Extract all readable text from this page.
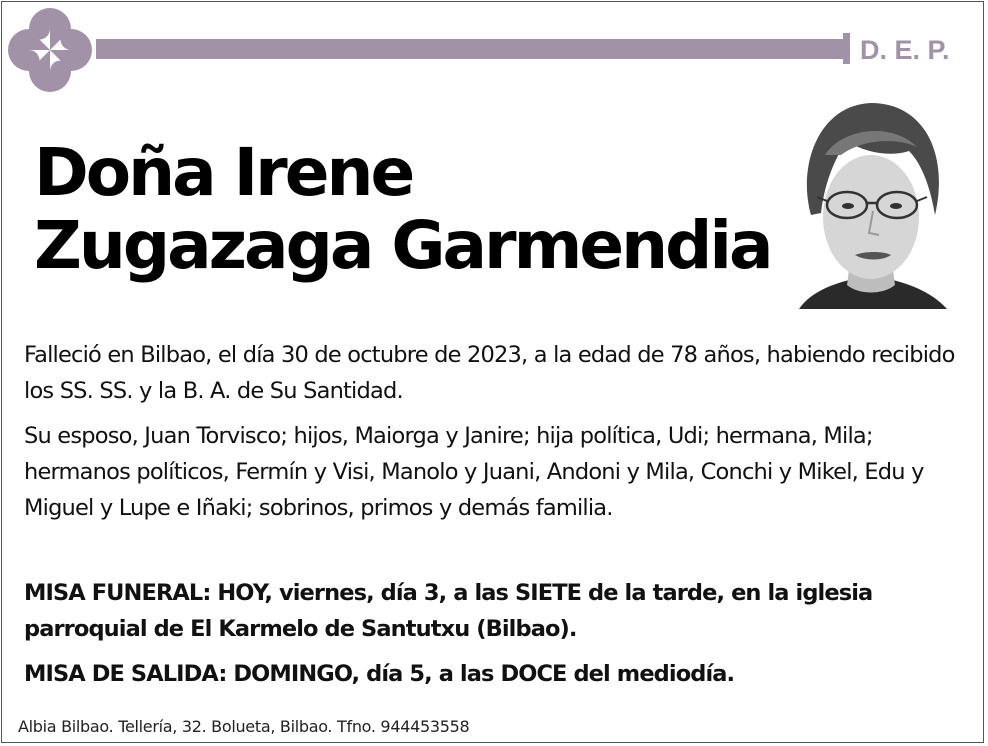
D. E. P.
Doña Irene
Zugazaga Garmendia
Falleció en Bilbao, el día 30 de octubre de 2023, a la edad de 78 años, habiendo recibido los SS. SS. y la B. A. de Su Santidad.
Su esposo, Juan Torvisco; hijos, Maiorga y Janire; hija política, Udi; hermana, Mila; hermanos políticos, Fermín y Visi, Manolo y Juani, Andoni y Mila, Conchi y Mikel, Edu y Miguel y Lupe e Iñaki; sobrinos, primos y demás familia.
MISA FUNERAL: HOY, viernes, día 3, a las SIETE de la tarde, en la iglesia parroquial de El Karmelo de Santutxu (Bilbao).
MISA DE SALIDA: DOMINGO, día 5, a las DOCE del mediodía.
Albia Bilbao. Tellería, 32. Bolueta, Bilbao. Tfno. 944453558
